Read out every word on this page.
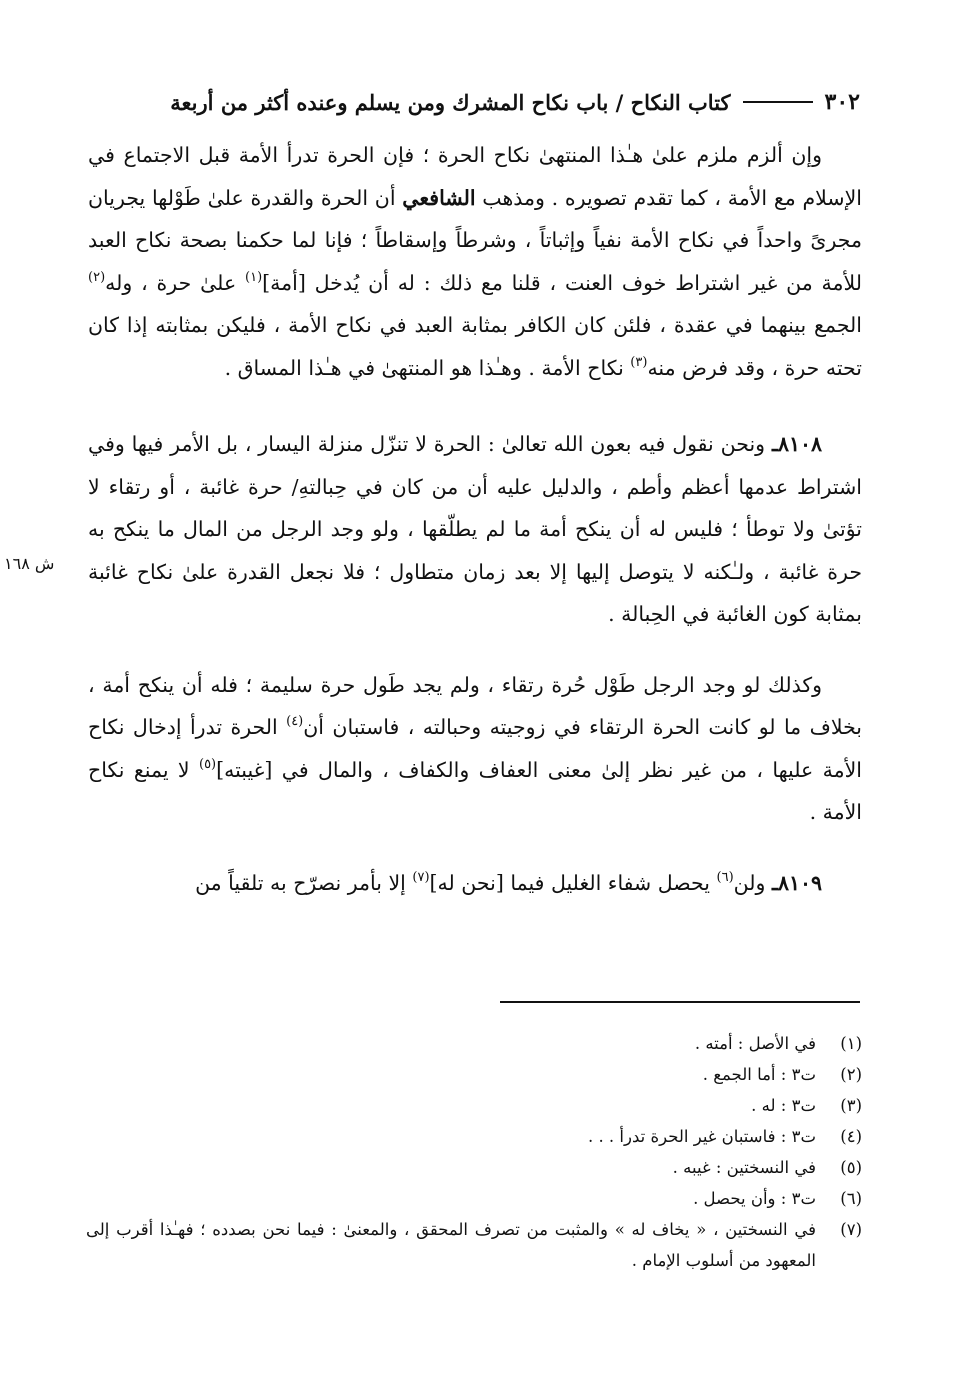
٣٠٢
كتاب النكاح / باب نكاح المشرك ومن يسلم وعنده أكثر من أربعة
ش ١٦٨

وإن ألزم ملزم علىٰ هـٰذا المنتهىٰ نكاح الحرة ؛ فإن الحرة تدرأ الأمة قبل الاجتماع في الإسلام مع الأمة ، كما تقدم تصويره . ومذهب الشافعي أن الحرة والقدرة علىٰ طَوْلها يجريان مجرىً واحداً في نكاح الأمة نفياً وإثباتاً ، وشرطاً وإسقاطاً ؛ فإنا لما حكمنا بصحة نكاح العبد للأمة من غير اشتراط خوف العنت ، قلنا مع ذلك : له أن يُدخل [أمة]$^{(١)}$ علىٰ حرة ، وله$^{(٢)}$ الجمع بينهما في عقدة ، فلئن كان الكافر بمثابة العبد في نكاح الأمة ، فليكن بمثابته إذا كان تحته حرة ، وقد فرض منه$^{(٣)}$ نكاح الأمة . وهـٰذا هو المنتهىٰ في هـٰذا المساق .

٨١٠٨ـ ونحن نقول فيه بعون الله تعالىٰ : الحرة لا تنزّل منزلة اليسار ، بل الأمر فيها وفي اشتراط عدمها أعظم وأطم ، والدليل عليه أن من كان في حِبالتهِ/ حرة غائبة ، أو رتقاء لا تؤتىٰ ولا توطأ ؛ فليس له أن ينكح أمة ما لم يطلّقها ، ولو وجد الرجل من المال ما ينكح به حرة غائبة ، ولـٰكنه لا يتوصل إليها إلا بعد زمان متطاول ؛ فلا نجعل القدرة علىٰ نكاح غائبة بمثابة كون الغائبة في الحِبالة .

وكذلك لو وجد الرجل طَوْل حُرة رتقاء ، ولم يجد طَول حرة سليمة ؛ فله أن ينكح أمة ، بخلاف ما لو كانت الحرة الرتقاء في زوجيته وحبالته ، فاستبان أن$^{(٤)}$ الحرة تدرأ إدخال نكاح الأمة عليها ، من غير نظر إلىٰ معنى العفاف والكفاف ، والمال في [غيبته]$^{(٥)}$ لا يمنع نكاح الأمة .

٨١٠٩ـ ولن$^{(٦)}$ يحصل شفاء الغليل فيما [نحن له]$^{(٧)}$ إلا بأمر نصرّح به تلقياً من

(١)
في الأصل : أمته .
(٢)
ت٣ : أما الجمع .
(٣)
ت٣ : له .
(٤)
ت٣ : فاستبان غير الحرة تدرأ . . .
(٥)
في النسختين : غيبه .
(٦)
ت٣ : وأن يحصل .
(٧)
في النسختين ، « يخاف له » والمثبت من تصرف المحقق ، والمعنىٰ : فيما نحن بصدده ؛ فهـٰذا أقرب إلى المعهود من أسلوب الإمام .
